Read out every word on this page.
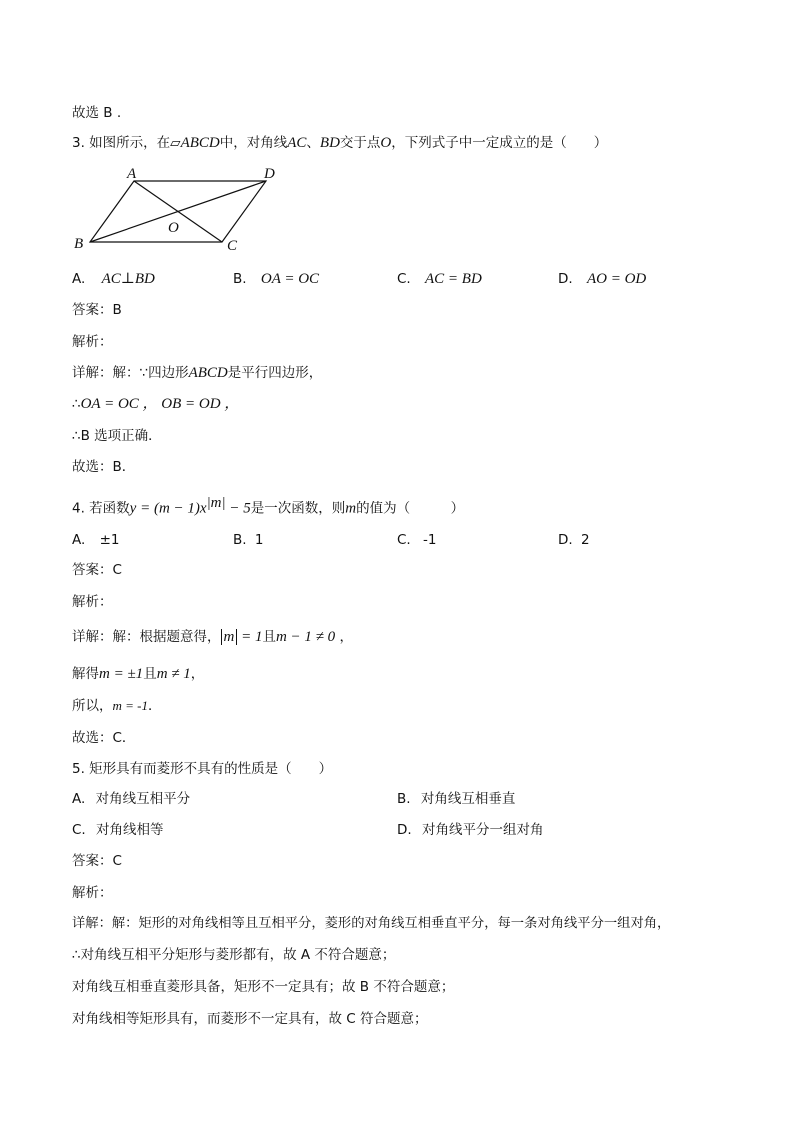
故选 B .
3. 如图所示，在▱ABCD中，对角线AC、BD交于点O，下列式子中一定成立的是（　　）
A	D
B	C
O
A. AC⊥BD	B. OA = OC	C. AC = BD	D. AO = OD
答案：B
解析：
详解：解：∵四边形ABCD是平行四边形，
∴OA = OC ， OB = OD ，
∴B 选项正确．
故选：B．
4. 若函数$y = (m - 1)x^{|m|} - 5$是一次函数，则m的值为（　　　）
A. ±1	B. 1	C. -1	D. 2
答案：C
解析：
详解：解：根据题意得， m = 1且m − 1 ≠ 0 ，
解得m = ±1且m ≠ 1，
所以，m = -1．
故选：C．
5. 矩形具有而菱形不具有的性质是（　　）
A. 对角线互相平分	B. 对角线互相垂直
C. 对角线相等	D. 对角线平分一组对角
答案：C
解析：
详解：解：矩形的对角线相等且互相平分，菱形的对角线互相垂直平分，每一条对角线平分一组对角，
∴对角线互相平分矩形与菱形都有，故 A 不符合题意；
对角线互相垂直菱形具备，矩形不一定具有；故 B 不符合题意；
对角线相等矩形具有，而菱形不一定具有，故 C 符合题意；
